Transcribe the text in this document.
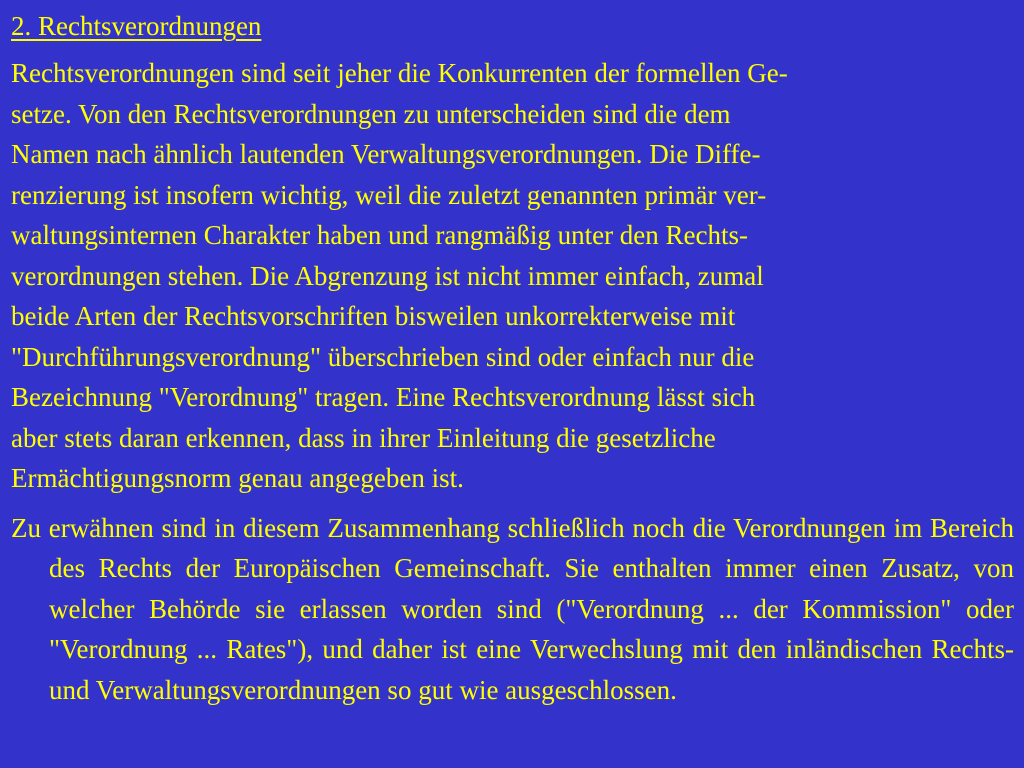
2. Rechtsverordnungen

Rechtsverordnungen sind seit jeher die Konkurrenten der formellen Ge-
setze. Von den Rechtsverordnungen zu unterscheiden sind die dem
Namen nach ähnlich lautenden Verwaltungsverordnungen. Die Diffe-
renzierung ist insofern wichtig, weil die zuletzt genannten primär ver-
waltungsinternen Charakter haben und rangmäßig unter den Rechts-
verordnungen stehen. Die Abgrenzung ist nicht immer einfach, zumal
beide Arten der Rechtsvorschriften bisweilen unkorrekterweise mit
"Durchführungsverordnung" überschrieben sind oder einfach nur die
Bezeichnung "Verordnung" tragen. Eine Rechtsverordnung lässt sich
aber stets daran erkennen, dass in ihrer Einleitung die gesetzliche
Ermächtigungsnorm genau angegeben ist.

Zu erwähnen sind in diesem Zusammenhang schließlich noch die Verordnungen im Bereich des Rechts der Europäischen Gemeinschaft. Sie enthalten immer einen Zusatz, von welcher Behörde sie erlassen worden sind ("Verordnung ... der Kommission" oder "Verordnung ... Rates"), und daher ist eine Verwechslung mit den inländischen Rechts- und Verwaltungsverordnungen so gut wie ausgeschlossen.
